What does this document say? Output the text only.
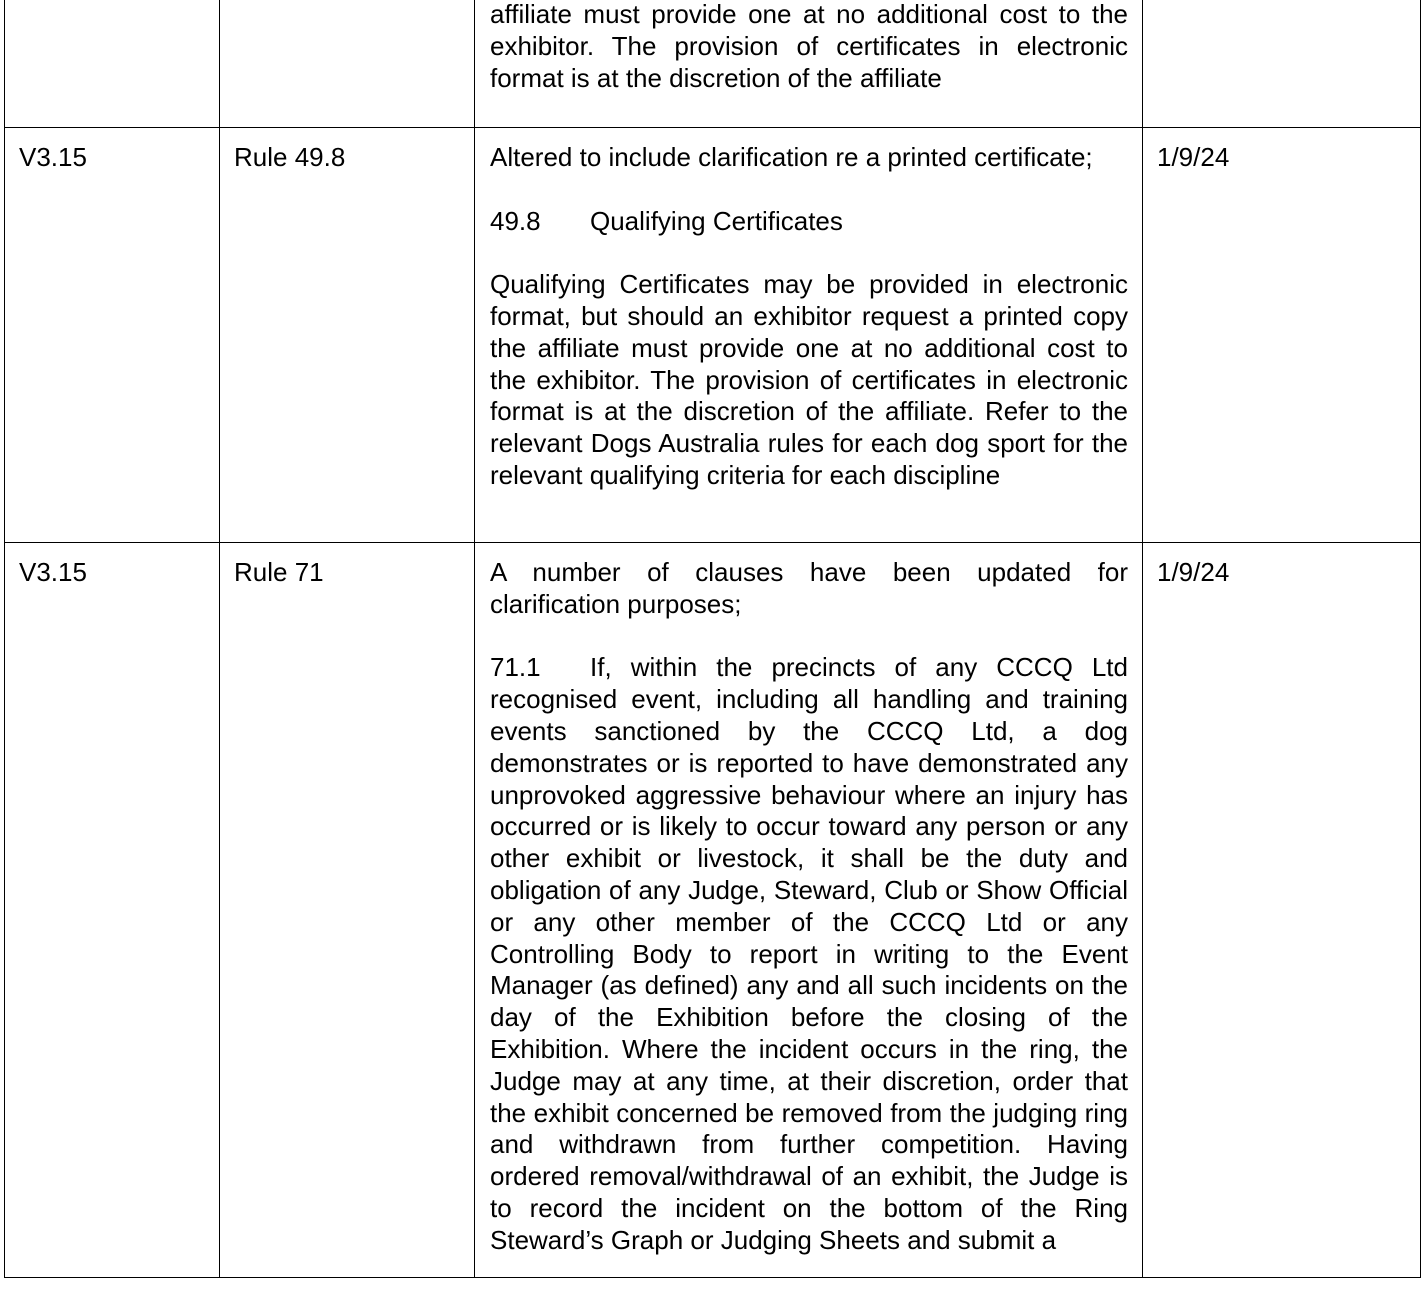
		affiliate must provide one at no additional cost to the exhibitor. The provision of certificates in electronic format is at the discretion of the affiliate	

V3.15	Rule 49.8	Altered to include clarification re a printed certificate;

49.8 Qualifying Certificates

Qualifying Certificates may be provided in electronic format, but should an exhibitor request a printed copy the affiliate must provide one at no additional cost to the exhibitor. The provision of certificates in electronic format is at the discretion of the affiliate. Refer to the relevant Dogs Australia rules for each dog sport for the relevant qualifying criteria for each discipline	1/9/24

V3.15	Rule 71	A number of clauses have been updated for clarification purposes;

71.1 If, within the precincts of any CCCQ Ltd recognised event, including all handling and training events sanctioned by the CCCQ Ltd, a dog demonstrates or is reported to have demonstrated any unprovoked aggressive behaviour where an injury has occurred or is likely to occur toward any person or any other exhibit or livestock, it shall be the duty and obligation of any Judge, Steward, Club or Show Official or any other member of the CCCQ Ltd or any Controlling Body to report in writing to the Event Manager (as defined) any and all such incidents on the day of the Exhibition before the closing of the Exhibition. Where the incident occurs in the ring, the Judge may at any time, at their discretion, order that the exhibit concerned be removed from the judging ring and withdrawn from further competition. Having ordered removal/withdrawal of an exhibit, the Judge is to record the incident on the bottom of the Ring Steward’s Graph or Judging Sheets and submit a	1/9/24
